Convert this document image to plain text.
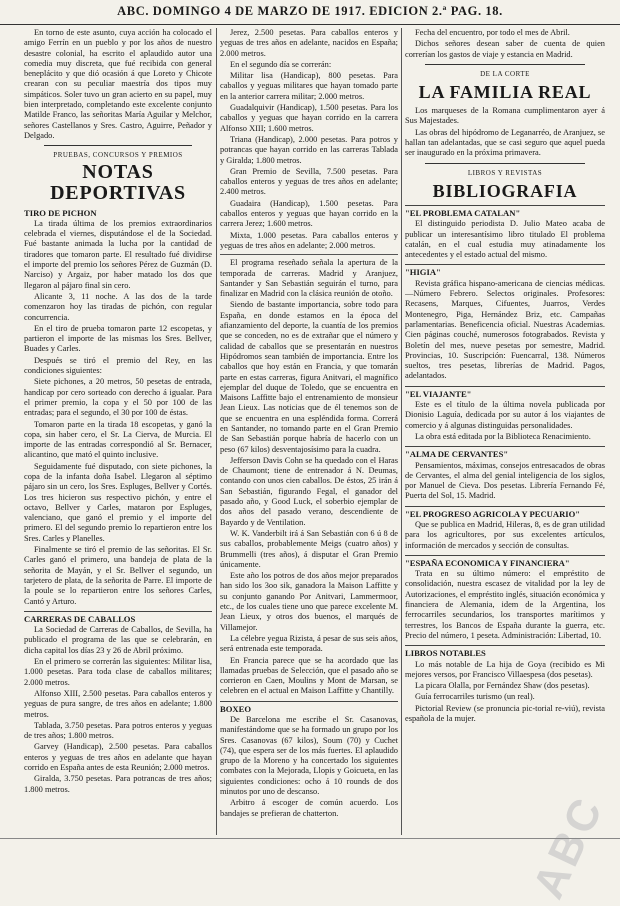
ABC. DOMINGO 4 DE MARZO DE 1917. EDICION 2.ª PAG. 18.

En torno de este asunto, cuya acción ha colocado el amigo Ferrín en un pueblo y por los años de nuestro desastre colonial, ha escrito el aplaudido autor una comedia muy discreta, que fué recibida con general beneplácito y que dió ocasión á que Loreto y Chicote crearan con su peculiar maestría dos tipos muy simpáticos. Soler tuvo un gran acierto en su papel, muy bien interpretado, completando este excelente conjunto Matilde Franco, las señoritas María Aguilar y Melchor, señores Castellanos y Sres. Castro, Aguirre, Peñador y Delgado.

PRUEBAS, CONCURSOS Y PREMIOS
NOTAS DEPORTIVAS
TIRO DE PICHON

La tirada última de los premios extraordinarios celebrada el viernes, disputándose el de la Sociedad. Fué bastante animada la lucha por la cantidad de tiradores que tomaron parte. El resultado fué dividirse el importe del premio los señores Pérez de Guzmán (D. Narciso) y Argaiz, por haber matado los dos que llegaron al pájaro final sin cero.

Alicante 3, 11 noche. A las dos de la tarde comenzaron hoy las tiradas de pichón, con regular concurrencia.

En el tiro de prueba tomaron parte 12 escopetas, y partieron el importe de las mismas los Sres. Bellver, Buades y Carles.

Después se tiró el premio del Rey, en las condiciones siguientes:

Siete pichones, a 20 metros, 50 pesetas de entrada, handicap por cero sorteado con derecho á igualar. Para el primer premio, la copa y el 50 por 100 de las entradas; para el segundo, el 30 por 100 de éstas.

Tomaron parte en la tirada 18 escopetas, y ganó la copa, sin haber cero, el Sr. La Cierva, de Murcia. El importe de las entradas correspondió al Sr. Bernacer, alicantino, que mató el quinto inclusive.

Seguidamente fué disputado, con siete pichones, la copa de la infanta doña Isabel. Llegaron al séptimo pájaro sin un cero, los Sres. Espluges, Bellver y Cortés. Los tres hicieron sus respectivo pichón, y entre el octavo, Bellver y Carles, mataron por Espluges, valenciano, que ganó el premio y el importe del primero. El del segundo premio lo repartieron entre los Sres. Carles y Planelles.

Finalmente se tiró el premio de las señoritas. El Sr. Carles ganó el primero, una bandeja de plata de la señorita de Mayán, y el Sr. Bellver el segundo, un tarjetero de plata, de la señorita de Parre. El importe de la poule se lo repartieron entre los señores Carles, Cantó y Arturo.

CARRERAS DE CABALLOS

La Sociedad de Carreras de Caballos, de Sevilla, ha publicado el programa de las que se celebrarán, en dicha capital los días 23 y 26 de Abril próximo.

En el primero se correrán las siguientes: Militar lisa, 1.000 pesetas. Para toda clase de caballos militares; 2.000 metros.

Alfonso XIII, 2.500 pesetas. Para caballos enteros y yeguas de pura sangre, de tres años en adelante; 1.800 metros.

Tablada, 3.750 pesetas. Para potros enteros y yeguas de tres años; 1.800 metros.

Garvey (Handicap), 2.500 pesetas. Para caballos enteros y yeguas de tres años en adelante que hayan corrido en España antes de esta Reunión; 2.000 metros.

Giralda, 3.750 pesetas. Para potrancas de tres años; 1.800 metros.

Jerez, 2.500 pesetas. Para caballos enteros y yeguas de tres años en adelante, nacidos en España; 2.000 metros.

En el segundo día se correrán:

Militar lisa (Handicap), 800 pesetas. Para caballos y yeguas militares que hayan tomado parte en la anterior carrera militar; 2.000 metros.

Guadalquivir (Handicap), 1.500 pesetas. Para los caballos y yeguas que hayan corrido en la carrera Alfonso XIII; 1.600 metros.

Triana (Handicap), 2.000 pesetas. Para potros y potrancas que hayan corrido en las carreras Tablada y Giralda; 1.800 metros.

Gran Premio de Sevilla, 7.500 pesetas. Para caballos enteros y yeguas de tres años en adelante; 2.400 metros.

Guadaira (Handicap), 1.500 pesetas. Para caballos enteros y yeguas que hayan corrido en la carrera Jerez; 1.600 metros.

Mixta, 1.000 pesetas. Para caballos enteros y yeguas de tres años en adelante; 2.000 metros.

El programa reseñado señala la apertura de la temporada de carreras. Madrid y Aranjuez, Santander y San Sebastián seguirán el turno, para finalizar en Madrid con la clásica reunión de otoño.

Siendo de bastante importancia, sobre todo para España, en donde estamos en la época del afianzamiento del deporte, la cuantía de los premios que se conceden, no es de extrañar que el número y calidad de caballos que se presentarán en nuestros Hipódromos sean también de importancia. Entre los caballos que hoy están en Francia, y que tomarán parte en estas carreras, figura Anitvari, el magnífico ejemplar del duque de Toledo, que se encuentra en Maisons Laffitte bajo el entrenamiento de monsieur Jean Lieux. Las noticias que de él tenemos son de que se encuentra en una espléndida forma. Correrá en Santander, no tomando parte en el Gran Premio de San Sebastián porque habría de hacerlo con un peso (67 kilos) desventajosísimo para la cuadra.

Jefferson Davis Cohn se ha quedado con el Haras de Chaumont; tiene de entrenador á N. Deumas, contando con unos cien caballos. De éstos, 25 irán á San Sebastián, figurando Fegal, el ganador del pasado año, y Good Luck, el soberbio ejemplar de dos años del pasado verano, descendiente de Bayardo y de Ventilation.

W. K. Vanderbilt irá á San Sebastián con 6 ú 8 de sus caballos, probablemente Meigs (cuatro años) y Brummelli (tres años), á disputar el Gran Premio únicamente.

Este año los potros de dos años mejor preparados han sido los 3oo sik, ganadora la Maison Laffitte y su conjunto ganando Por Anitvari, Lammermoor, etc., de los cuales tiene uno que parece excelente M. Jean Lieux, y otros dos buenos, el marqués de Villamejor.

La célebre yegua Rizista, á pesar de sus seis años, será entrenada este temporada.

En Francia parece que se ha acordado que las llamadas pruebas de Selección, que el pasado año se corrieron en Caen, Moulins y Mont de Marsan, se celebren en el actual en Maison Laffitte y Chantilly.

BOXEO

De Barcelona me escribe el Sr. Casanovas, manifestándome que se ha formado un grupo por los Sres. Casanovas (67 kilos), Soum (70) y Cuchet (74), que espera ser de los más fuertes. El aplaudido grupo de la Moreno y ha concertado los siguientes combates con la Mejorada, Llopis y Goicueta, en las siguientes condiciones: ocho á 10 rounds de dos minutos por uno de descanso.

Arbitro á escoger de común acuerdo. Los bandajes se prefieran de chatterton.

Fecha del encuentro, por todo el mes de Abril.

Dichos señores desean saber de cuenta de quien correrían los gastos de viaje y estancia en Madrid.

DE LA CORTE
LA FAMILIA REAL

Los marqueses de la Romana cumplimentaron ayer á Sus Majestades.

Las obras del hipódromo de Leganarréo, de Aranjuez, se hallan tan adelantadas, que se casi seguro que aquel pueda ser inaugurado en la próxima primavera.

LIBROS Y REVISTAS
BIBLIOGRAFIA
"EL PROBLEMA CATALAN"

El distinguido periodista D. Julio Mateo acaba de publicar un interesantísimo libro titulado El problema catalán, en el cual estudia muy atinadamente los antecedentes y el estado actual del mismo.

"HIGIA"

Revista gráfica hispano-americana de ciencias médicas.—Número Febrero. Selectos originales. Profesores: Recasens, Marques, Cifuentes, Juarros, Verdes Montenegro, Piga, Hernández Briz, etc. Campañas parlamentarias. Beneficencia oficial. Nuestras Academias. Cien páginas couché, numerosos fotograbados. Revista y Boletín del mes, nueve pesetas por semestre, Madrid. Provincias, 10. Suscripción: Fuencarral, 138. Números sueltos, tres pesetas, librerías de Madrid. Pagos, adelantados.

"EL VIAJANTE"

Este es el título de la última novela publicada por Dionisio Laguía, dedicada por su autor á los viajantes de comercio y á algunas distinguidas personalidades.

La obra está editada por la Biblioteca Renacimiento.

"ALMA DE CERVANTES"

Pensamientos, máximas, consejos entresacados de obras de Cervantes, el alma del genial inteligencia de los siglos, por Manuel de Cieva. Dos pesetas. Librería Fernando Fé, Puerta del Sol, 15. Madrid.

"EL PROGRESO AGRICOLA Y PECUARIO"

Que se publica en Madrid, Hileras, 8, es de gran utilidad para los agricultores, por sus excelentes artículos, información de mercados y sección de consultas.

"ESPAÑA ECONOMICA Y FINANCIERA"

Trata en su último número: el empréstito de consolidación, nuestra escasez de vitalidad por la ley de Autorizaciones, el empréstito inglés, situación económica y financiera de Alemania, idem de la Argentina, los ferrocarriles secundarios, los transportes marítimos y terrestres, los Bancos de España durante la guerra, etc. Precio del número, 1 peseta. Administración: Libertad, 10.

LIBROS NOTABLES

Lo más notable de La hija de Goya (recibido es Mi mejores versos, por Francisco Villaespesa (dos pesetas).

La picara Olalla, por Fernández Shaw (dos pesetas).

Guía ferrocarriles turismo (un real).

Pictorial Review (se pronuncia pic-torial re-viú), revista española de la mujer.

ABC
